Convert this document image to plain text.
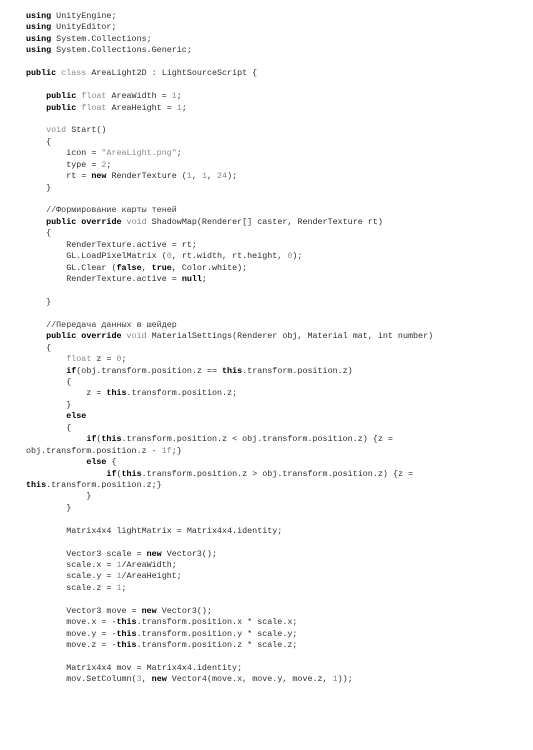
using UnityEngine;
using UnityEditor;
using System.Collections;
using System.Collections.Generic;

public class AreaLight2D : LightSourceScript {

public float AreaWidth = 1;
public float AreaHeight = 1;

void Start()
{
icon = "AreaLight.png";
type = 2;
rt = new RenderTexture (1, 1, 24);
}

//Формирование карты теней
public override void ShadowMap(Renderer[] caster, RenderTexture rt)
{
RenderTexture.active = rt;
GL.LoadPixelMatrix (0, rt.width, rt.height, 0);
GL.Clear (false, true, Color.white);
RenderTexture.active = null;

}

//Передача данных в шейдер
public override void MaterialSettings(Renderer obj, Material mat, int number)
{
float z = 0;
if(obj.transform.position.z == this.transform.position.z)
{
z = this.transform.position.z;
}
else
{
if(this.transform.position.z < obj.transform.position.z) {z =
obj.transform.position.z - 1f;}
else {
if(this.transform.position.z > obj.transform.position.z) {z =
this.transform.position.z;}
}
}

Matrix4x4 lightMatrix = Matrix4x4.identity;

Vector3 scale = new Vector3();
scale.x = 1/AreaWidth;
scale.y = 1/AreaHeight;
scale.z = 1;

Vector3 move = new Vector3();
move.x = -this.transform.position.x * scale.x;
move.y = -this.transform.position.y * scale.y;
move.z = -this.transform.position.z * scale.z;

Matrix4x4 mov = Matrix4x4.identity;
mov.SetColumn(3, new Vector4(move.x, move.y, move.z, 1));
